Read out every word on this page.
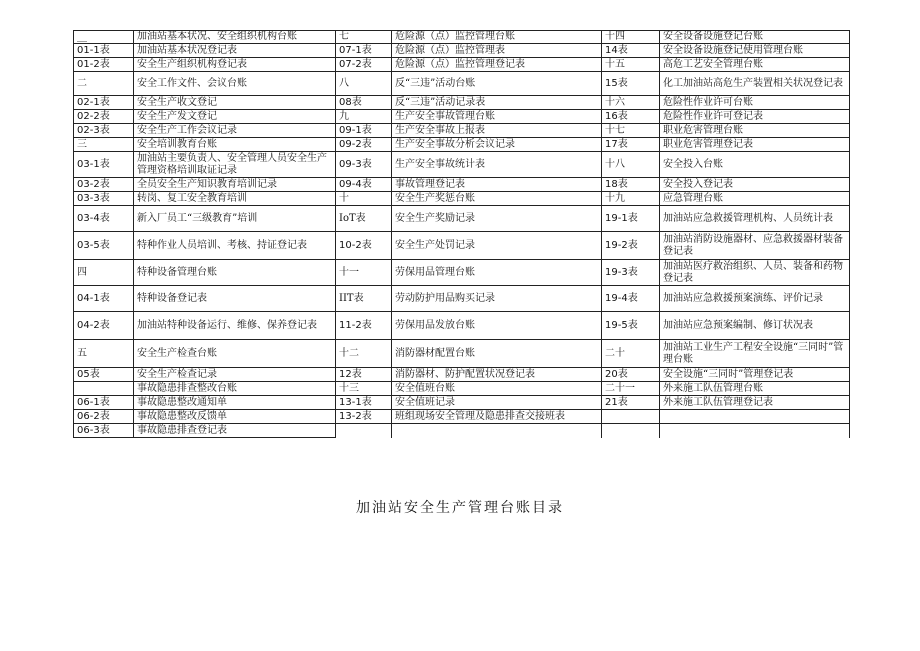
__	加油站基本状况、安全组织机构台账	七	危险源（点）监控管理台账	十四	安全设备设施登记台账
01-1表	加油站基本状况登记表	07-1表	危险源（点）监控管理表	14表	安全设备设施登记使用管理台账
01-2表	安全生产组织机构登记表	07-2表	危险源（点）监控管理登记表	十五	高危工艺安全管理台账
二	安全工作文件、会议台账	八	反“三违”活动台账	15表	化工加油站高危生产装置相关状况登记表
02-1表	安全生产收文登记	08表	反“三违”活动记录表	十六	危险性作业许可台账
02-2表	安全生产发文登记	九	生产安全事故管理台账	16表	危险性作业许可登记表
02-3表	安全生产工作会议记录	09-1表	生产安全事故上报表	十七	职业危害管理台账
三	安全培训教育台账	09-2表	生产安全事故分析会议记录	17表	职业危害管理登记表
03-1表	加油站主要负责人、安全管理人员安全生产管理资格培训取证记录	09-3表	生产安全事故统计表	十八	安全投入台账
03-2表	全员安全生产知识教育培训记录	09-4表	事故管理登记表	18表	安全投入登记表
03-3表	转岗、复工安全教育培训	十	安全生产奖惩台账	十九	应急管理台账
03-4表	新入厂员工“三级教育”培训	IoT表	安全生产奖励记录	19-1表	加油站应急救援管理机构、人员统计表
03-5表	特种作业人员培训、考核、持证登记表	10-2表	安全生产处罚记录	19-2表	加油站消防设施器材、应急救援器材装备登记表
四	特种设备管理台账	十一	劳保用品管理台账	19-3表	加油站医疗救治组织、人员、装备和药物登记表
04-1表	特种设备登记表	IIT表	劳动防护用品购买记录	19-4表	加油站应急救援预案演练、评价记录
04-2表	加油站特种设备运行、维修、保养登记表	11-2表	劳保用品发放台账	19-5表	加油站应急预案编制、修订状况表
五	安全生产检查台账	十二	消防器材配置台账	二十	加油站工业生产工程安全设施“三同时”管理台账
05表	安全生产检查记录	12表	消防器材、防护配置状况登记表	20表	安全设施“三同时”管理登记表
	事故隐患排查整改台账	十三	安全值班台账	二十一	外来施工队伍管理台账
06-1表	事故隐患整改通知单	13-1表	安全值班记录	21表	外来施工队伍管理登记表
06-2表	事故隐患整改反馈单	13-2表	班组现场安全管理及隐患排查交接班表		
06-3表	事故隐患排查登记表				
加油站安全生产管理台账目录
